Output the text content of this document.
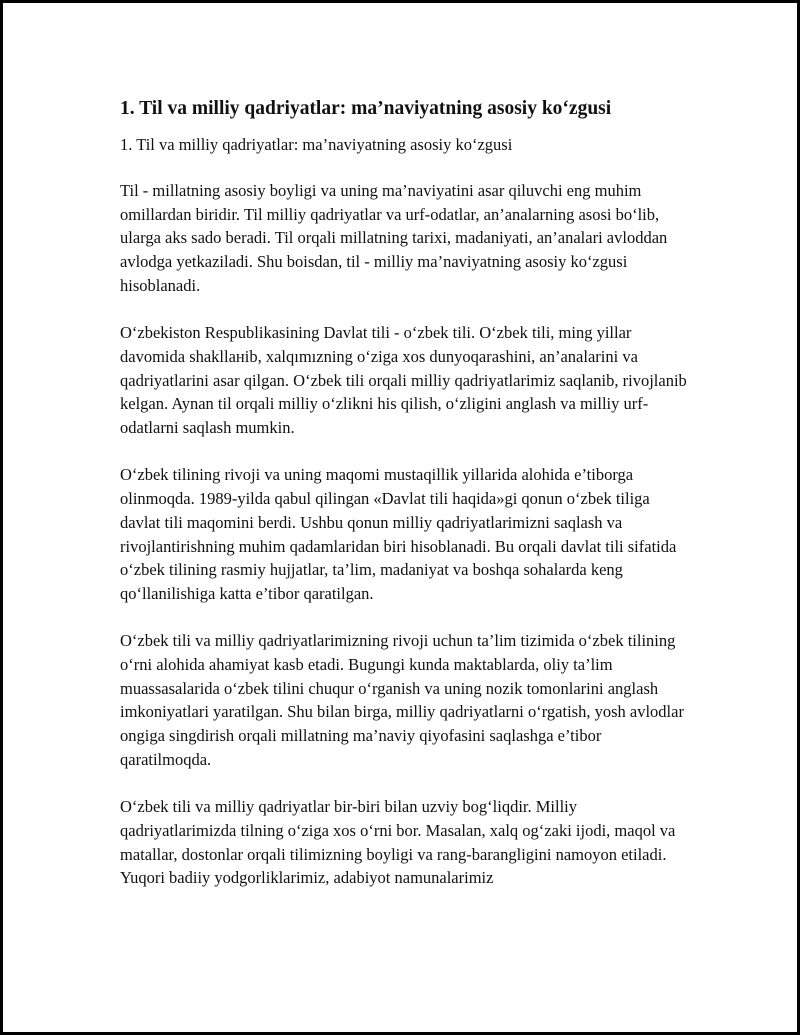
1. Til va milliy qadriyatlar: ma’naviyatning asosiy ko‘zgusi
1. Til va milliy qadriyatlar: ma’naviyatning asosiy ko‘zgusi

Til - millatning asosiy boyligi va uning ma’naviyatini asar qiluvchi eng muhim omillardan biridir. Til milliy qadriyatlar va urf-odatlar, an’analarning asosi bo‘lib, ularga aks sado beradi. Til orqali millatning tarixi, madaniyati, an’analari avloddan avlodga yetkaziladi. Shu boisdan, til - milliy ma’naviyatning asosiy ko‘zgusi hisoblanadi.

O‘zbekiston Respublikasining Davlat tili - o‘zbek tili. O‘zbek tili, ming yillar davomida shakllанib, xalqımızning o‘ziga xos dunyoqarashini, an’analarini va qadriyatlarini asar qilgan. O‘zbek tili orqali milliy qadriyatlarimiz saqlanib, rivojlanib kelgan. Aynan til orqali milliy o‘zlikni his qilish, o‘zligini anglash va milliy urf-odatlarni saqlash mumkin.

O‘zbek tilining rivoji va uning maqomi mustaqillik yillarida alohida e’tiborga olinmoqda. 1989-yilda qabul qilingan «Davlat tili haqida»gi qonun o‘zbek tiliga davlat tili maqomini berdi. Ushbu qonun milliy qadriyatlarimizni saqlash va rivojlantirishning muhim qadamlaridan biri hisoblanadi. Bu orqali davlat tili sifatida o‘zbek tilining rasmiy hujjatlar, ta’lim, madaniyat va boshqa sohalarda keng qo‘llanilishiga katta e’tibor qaratilgan.

O‘zbek tili va milliy qadriyatlarimizning rivoji uchun ta’lim tizimida o‘zbek tilining o‘rni alohida ahamiyat kasb etadi. Bugungi kunda maktablarda, oliy ta’lim muassasalarida o‘zbek tilini chuqur o‘rganish va uning nozik tomonlarini anglash imkoniyatlari yaratilgan. Shu bilan birga, milliy qadriyatlarni o‘rgatish, yosh avlodlar ongiga singdirish orqali millatning ma’naviy qiyofasini saqlashga e’tibor qaratilmoqda.

O‘zbek tili va milliy qadriyatlar bir-biri bilan uzviy bog‘liqdir. Milliy qadriyatlarimizda tilning o‘ziga xos o‘rni bor. Masalan, xalq og‘zaki ijodi, maqol va matallar, dostonlar orqali tilimizning boyligi va rang-barangligini namoyon etiladi. Yuqori badiiy yodgorliklarimiz, adabiyot namunalarimiz
